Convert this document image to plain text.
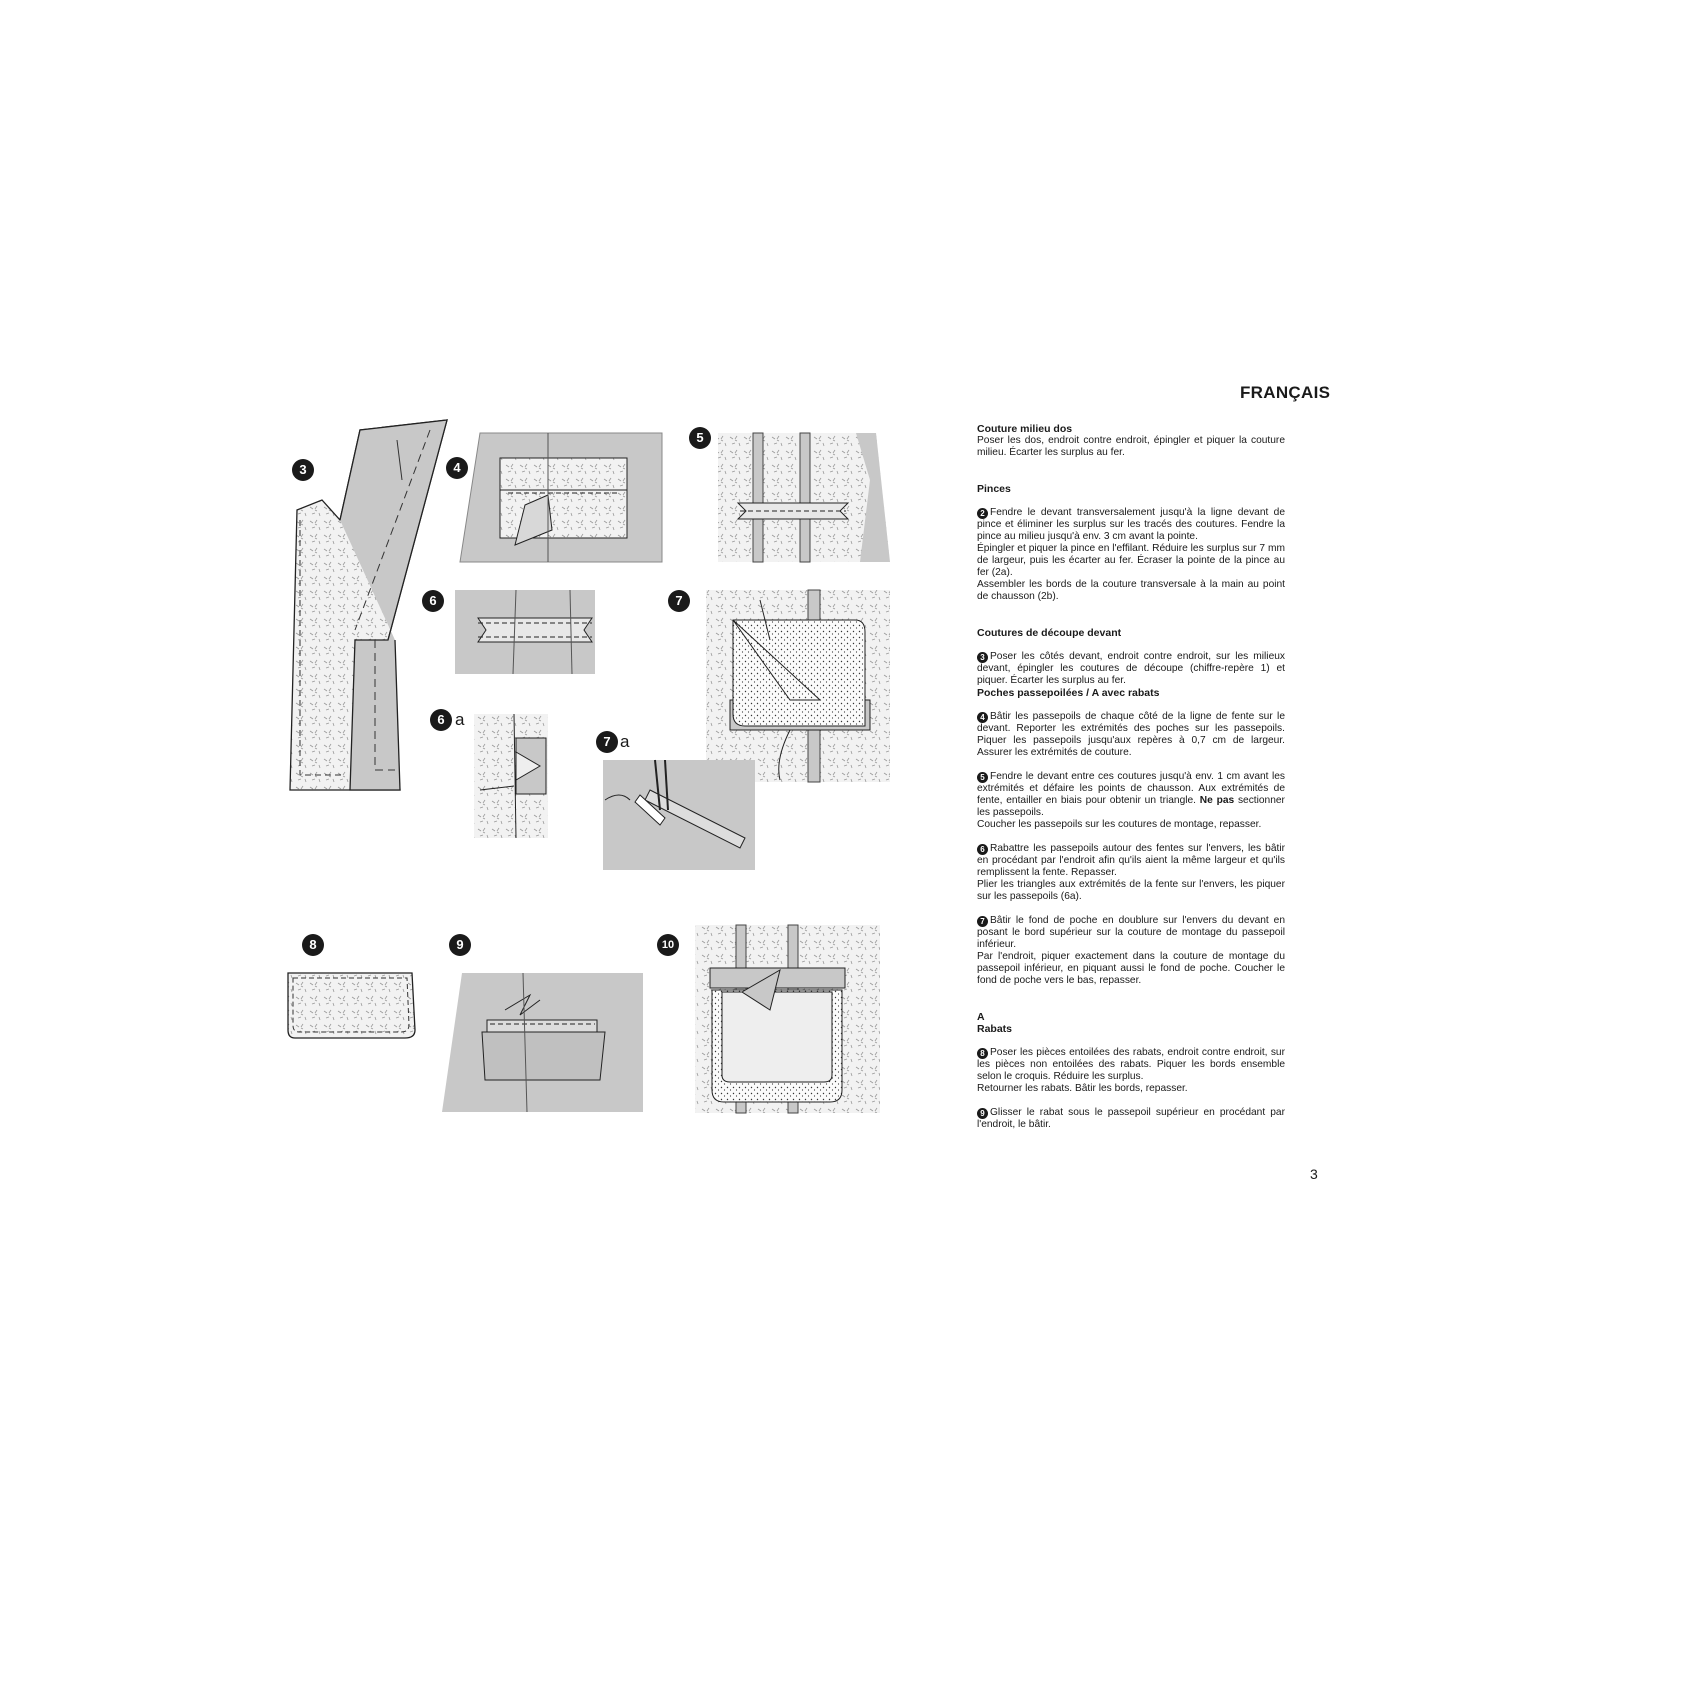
FRANÇAIS
3	4
5
6
6 a
7
7 a
8	9	10
Couture milieu dos

Poser les dos, endroit contre endroit, épingler et piquer la couture milieu. Écarter les surplus au fer.

Pinces

2 Fendre le devant transversalement jusqu'à la ligne devant de pince et éliminer les surplus sur les tracés des coutures. Fendre la pince au milieu jusqu'à env. 3 cm avant la pointe.

Épingler et piquer la pince en l'effilant. Réduire les surplus sur 7 mm de largeur, puis les écarter au fer. Écraser la pointe de la pince au fer (2a).

Assembler les bords de la couture transversale à la main au point de chausson (2b).

Coutures de découpe devant

3 Poser les côtés devant, endroit contre endroit, sur les milieux devant, épingler les coutures de découpe (chiffre-repère 1) et piquer. Écarter les surplus au fer.

Poches passepoilées / A avec rabats

4 Bâtir les passepoils de chaque côté de la ligne de fente sur le devant. Reporter les extrémités des poches sur les passepoils. Piquer les passepoils jusqu'aux repères à 0,7 cm de largeur. Assurer les extrémités de couture.

5 Fendre le devant entre ces coutures jusqu'à env. 1 cm avant les extrémités et défaire les points de chausson. Aux extrémités de fente, entailler en biais pour obtenir un triangle. Ne pas sectionner les passepoils.

Coucher les passepoils sur les coutures de montage, repasser.

6 Rabattre les passepoils autour des fentes sur l'envers, les bâtir en procédant par l'endroit afin qu'ils aient la même largeur et qu'ils remplissent la fente. Repasser.

Plier les triangles aux extrémités de la fente sur l'envers, les piquer sur les passepoils (6a).

7 Bâtir le fond de poche en doublure sur l'envers du devant en posant le bord supérieur sur la couture de montage du passepoil inférieur.

Par l'endroit, piquer exactement dans la couture de montage du passepoil inférieur, en piquant aussi le fond de poche. Coucher le fond de poche vers le bas, repasser.

A
Rabats

8 Poser les pièces entoilées des rabats, endroit contre endroit, sur les pièces non entoilées des rabats. Piquer les bords ensemble selon le croquis. Réduire les surplus.

Retourner les rabats. Bâtir les bords, repasser.

9 Glisser le rabat sous le passepoil supérieur en procédant par l'endroit, le bâtir.

3
